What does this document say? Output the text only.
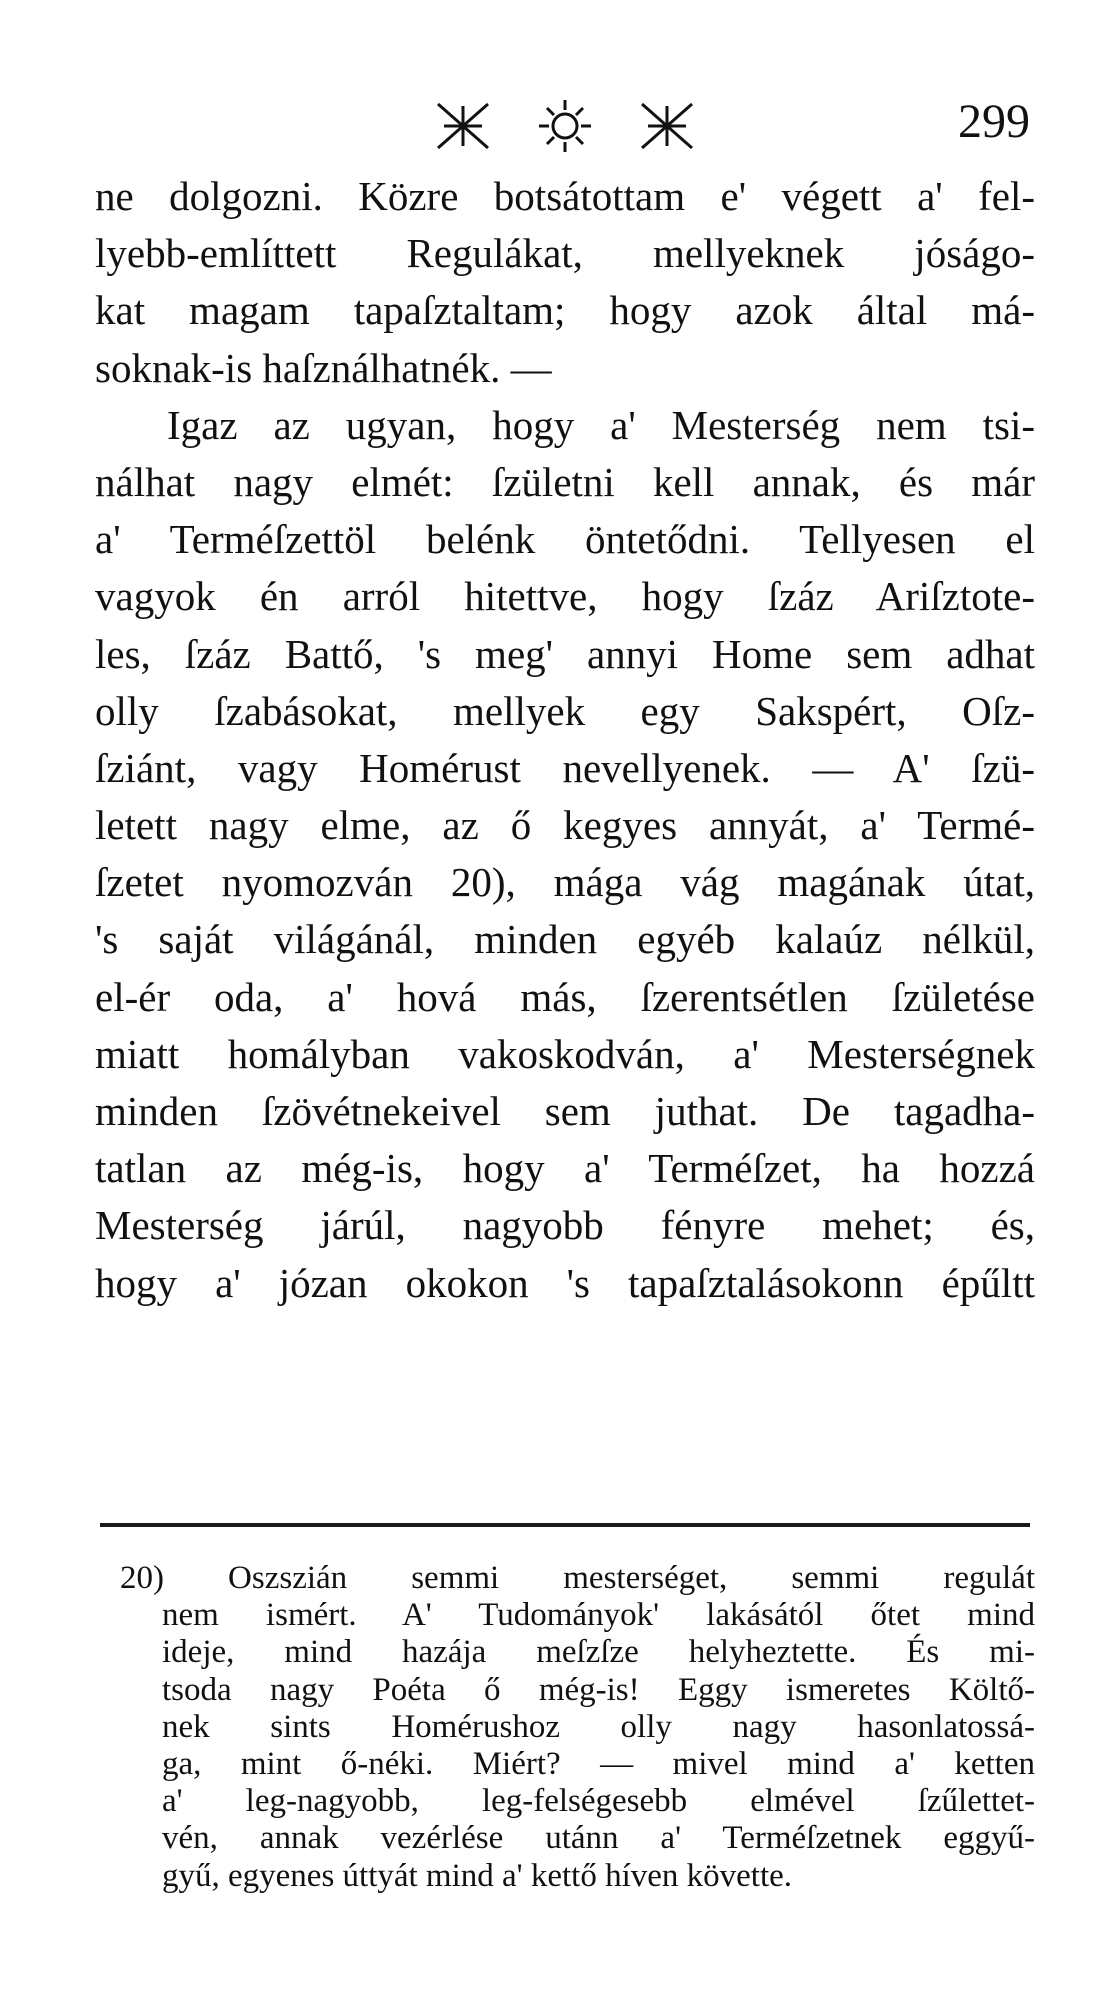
299
ne dolgozni. Közre botsátottam e' végett a' fel-
lyebb-említtett Regulákat, mellyeknek jóságo-
kat magam tapaſztaltam; hogy azok által má-
soknak-is haſználhatnék. —
Igaz az ugyan, hogy a' Mesterség nem tsi-
nálhat nagy elmét: ſzületni kell annak, és már
a' Terméſzettöl belénk öntetődni. Tellyesen el
vagyok én arról hitettve, hogy ſzáz Ariſztote-
les, ſzáz Battő, 's meg' annyi Home sem adhat
olly ſzabásokat, mellyek egy Sakspért, Oſz-
ſziánt, vagy Homérust nevellyenek. — A' ſzü-
letett nagy elme, az ő kegyes annyát, a' Termé-
ſzetet nyomozván 20), mága vág magának útat,
's saját világánál, minden egyéb kalaúz nélkül,
el-ér oda, a' hová más, ſzerentsétlen ſzületése
miatt homályban vakoskodván, a' Mesterségnek
minden ſzövétnekeivel sem juthat. De tagadha-
tatlan az még-is, hogy a' Terméſzet, ha hozzá
Mesterség járúl, nagyobb fényre mehet; és,
hogy a' józan okokon 's tapaſztalásokonn épűltt
20) Oszszián semmi mesterséget, semmi regulát
nem ismért. A' Tudományok' lakásától őtet mind
ideje, mind hazája meſzſze helyheztette. És mi-
tsoda nagy Poéta ő még-is! Eggy ismeretes Költő-
nek sints Homérushoz olly nagy hasonlatossá-
ga, mint ő-néki. Miért? — mivel mind a' ketten
a' leg-nagyobb, leg-felségesebb elmével ſzűlettet-
vén, annak vezérlése utánn a' Terméſzetnek eggyű-
gyű, egyenes úttyát mind a' kettő híven követte.
